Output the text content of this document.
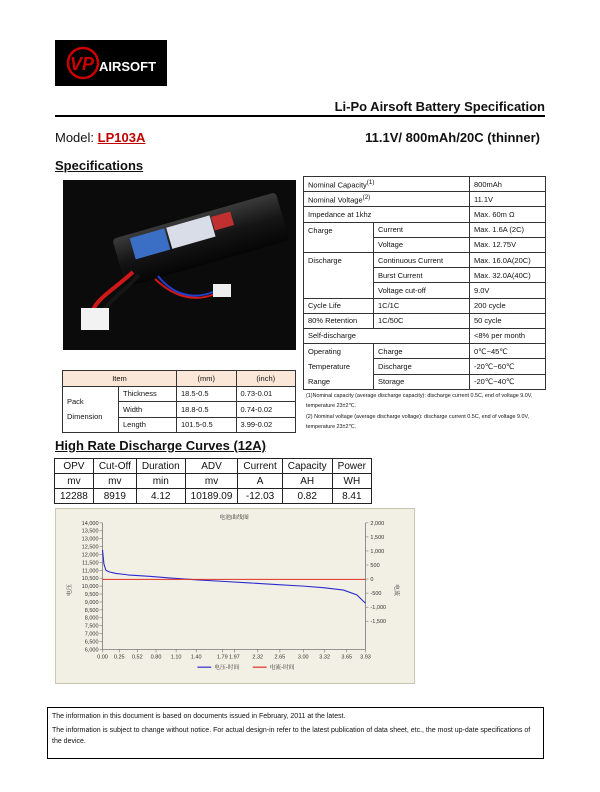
VP AIRSOFT
Li-Po Airsoft Battery Specification
Model: LP103A	11.1V/ 800mAh/20C (thinner)
Specifications
Nominal Capacity$^{(1)}$		800mAh
Nominal Voltage$^{(2)}$		11.1V
Impedance at 1khz		Max. 60m Ω
Charge	Current	Max. 1.6A (2C)
	Voltage	Max. 12.75V
Discharge	Continuous Current	Max. 16.0A(20C)
	Burst Current	Max. 32.0A(40C)
	Voltage cut-off	9.0V
Cycle Life	1C/1C	200 cycle
80% Retention	1C/50C	50 cycle
Self-discharge		<8% per month

Operating
Temperature
Range	Charge	0℃~45℃
	Discharge	-20℃~60℃
	Storage	-20℃~40℃
(1)Nominal capacity (average discharge capacity): discharge current 0.5C, end of voltage 9.0V, temperature 23±2℃.
(2) Nominal voltage (average discharge voltage): discharge current 0.5C, end of voltage 9.0V, temperature 23±2℃.
Item		(mm)	(inch)

Pack
Dimension	Thickness	18.5-0.5	0.73-0.01
	Width	18.8-0.5	0.74-0.02
	Length	101.5-0.5	3.99-0.02
High Rate Discharge Curves (12A)
OPV	Cut-Off	Duration	ADV	Current	Capacity	Power
mv	mv	min	mv	A	AH	WH
12288	8919	4.12	10189.09	-12.03	0.82	8.41
电池曲线图
14,000
13,500
13,000
12,500
12,000
11,500
11,000
10,500
10,000
9,500
9,000
8,500
8,000
7,500
7,000
6,500
6,000
2,000
1,500
1,000
500
0
-500
-1,000
-1,500
0.00 0.25 0.52 0.80 1.10 1.40	1.79 1.97 2.32 2.65 3.00 3.32 3.65 3.93
电压	电流
电压-时间	电流-时间

The information in this document is based on documents issued in February, 2011 at the latest.

The information is subject to change without notice. For actual design-in refer to the latest publication of data sheet, etc., the most up-date specifications of the device.
